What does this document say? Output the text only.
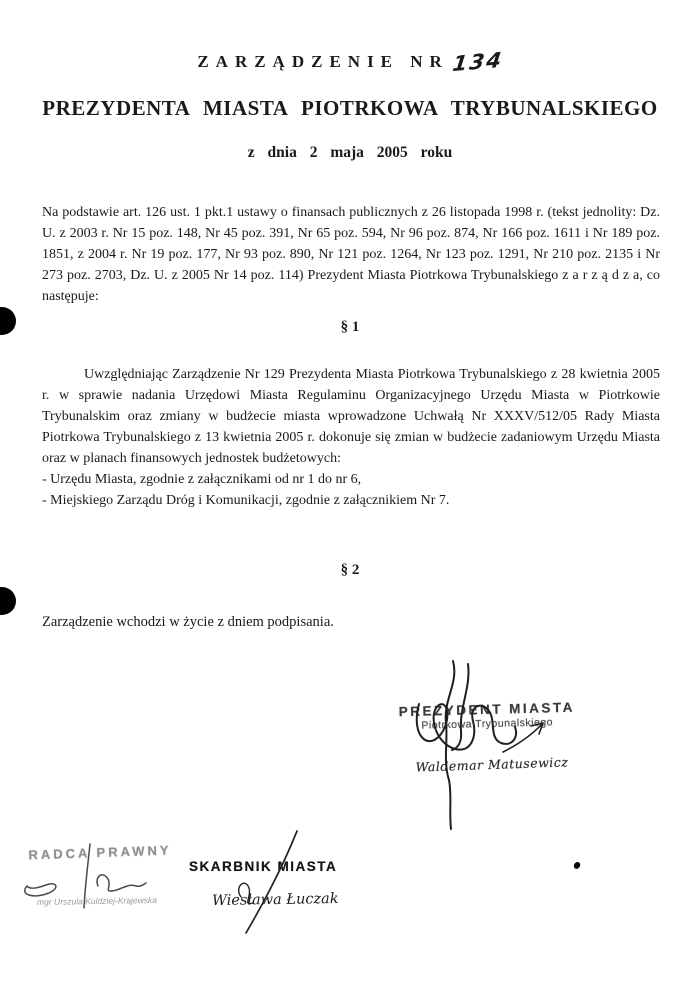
ZARZĄDZENIE NR 134
PREZYDENTA MIASTA PIOTRKOWA TRYBUNALSKIEGO
z dnia 2 maja 2005 roku
Na podstawie art. 126 ust. 1 pkt.1 ustawy o finansach publicznych z 26 listopada 1998 r. (tekst jednolity: Dz. U. z 2003 r. Nr 15 poz. 148, Nr 45 poz. 391, Nr 65 poz. 594, Nr 96 poz. 874, Nr 166 poz. 1611 i Nr 189 poz. 1851, z 2004 r. Nr 19 poz. 177, Nr 93 poz. 890, Nr 121 poz. 1264, Nr 123 poz. 1291, Nr 210 poz. 2135 i Nr 273 poz. 2703, Dz. U. z 2005 Nr 14 poz. 114) Prezydent Miasta Piotrkowa Trybunalskiego z a r z ą d z a, co następuje:
§ 1
Uwzględniając Zarządzenie Nr 129 Prezydenta Miasta Piotrkowa Trybunalskiego z 28 kwietnia 2005 r. w sprawie nadania Urzędowi Miasta Regulaminu Organizacyjnego Urzędu Miasta w Piotrkowie Trybunalskim oraz zmiany w budżecie miasta wprowadzone Uchwałą Nr XXXV/512/05 Rady Miasta Piotrkowa Trybunalskiego z 13 kwietnia 2005 r. dokonuje się zmian w budżecie zadaniowym Urzędu Miasta oraz w planach finansowych jednostek budżetowych:
- Urzędu Miasta, zgodnie z załącznikami od nr 1 do nr 6,
- Miejskiego Zarządu Dróg i Komunikacji, zgodnie z załącznikiem Nr 7.
§ 2
Zarządzenie wchodzi w życie z dniem podpisania.
PREZYDENT MIASTA
Piotrkowa Trybunalskiego
Waldemar Matusewicz
RADCA PRAWNY
mgr Urszula Kuldziej-Krajewska
SKARBNIK MIASTA
Wiesława Łuczak
